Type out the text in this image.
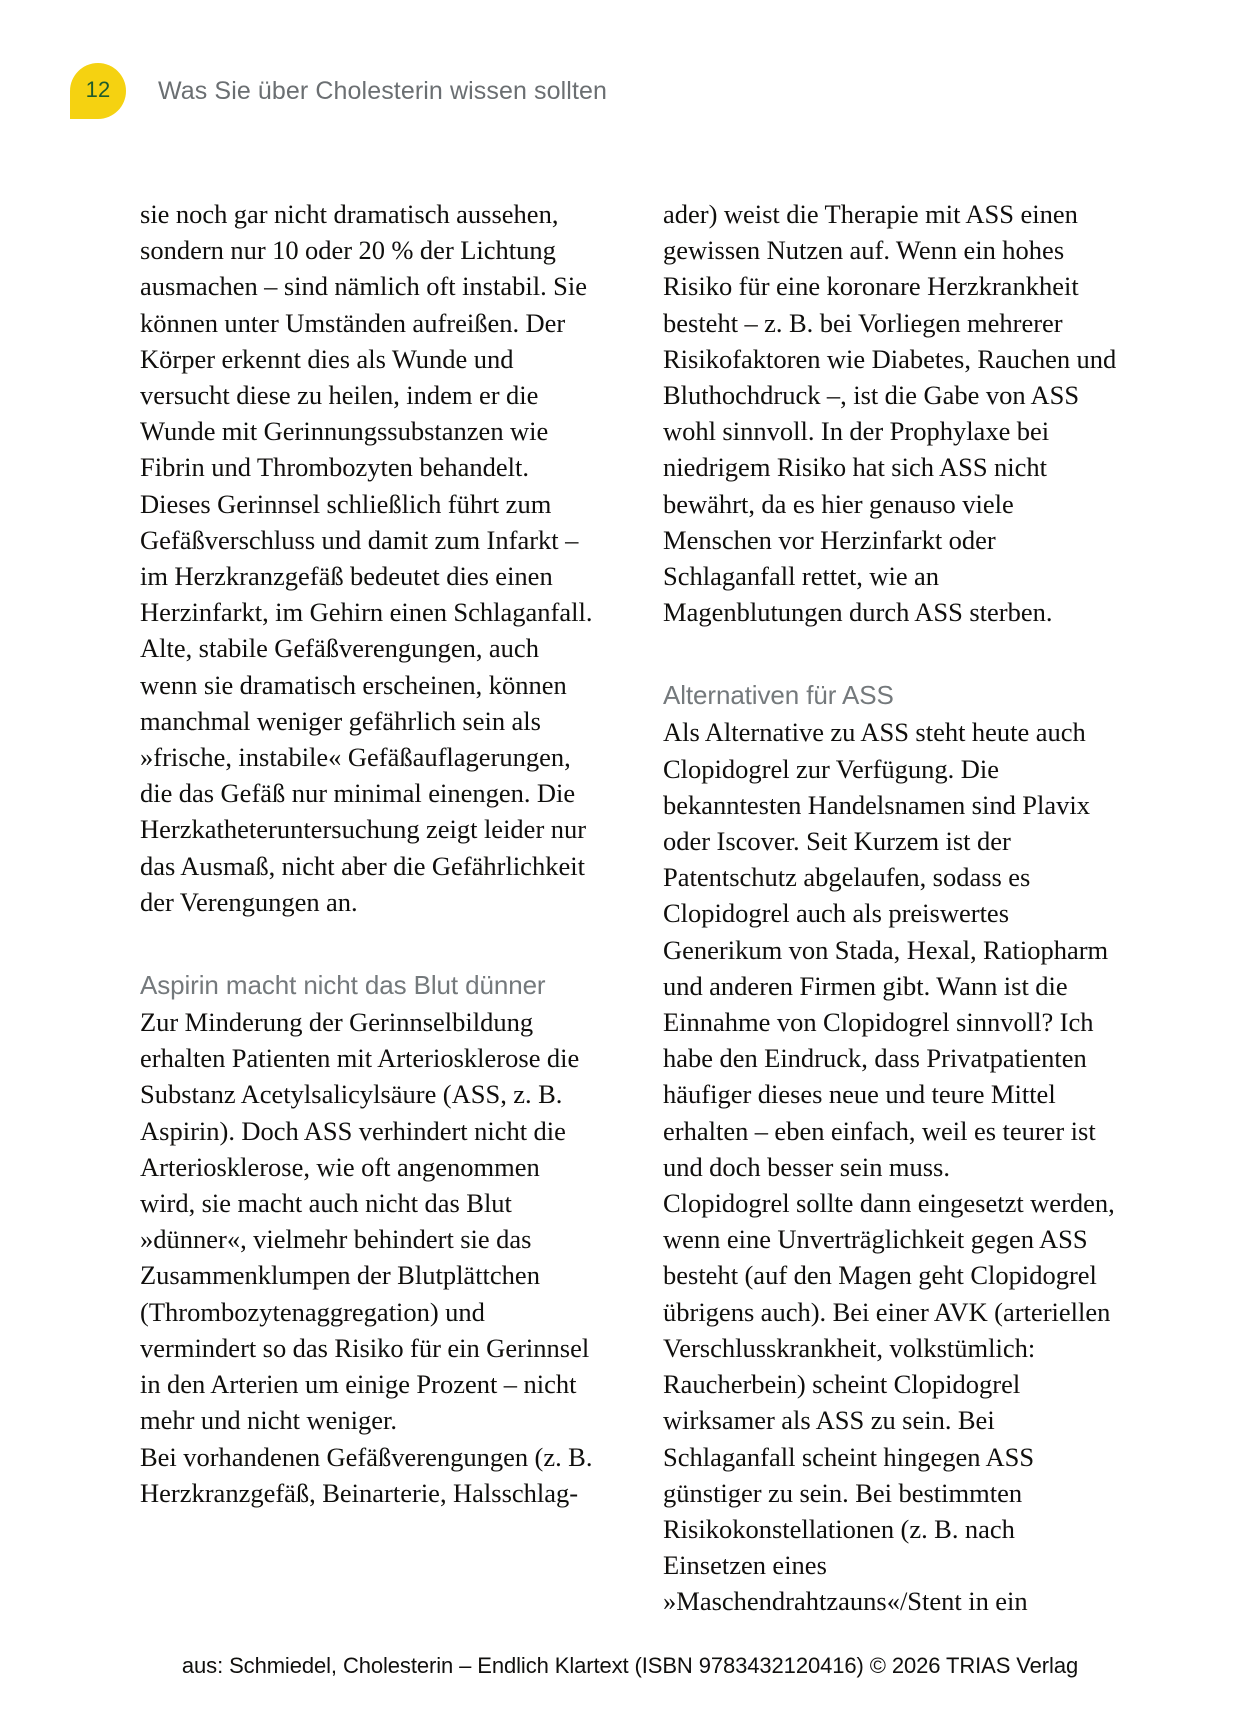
12 Was Sie über Cholesterin wissen sollten

sie noch gar nicht dramatisch aussehen, sondern nur 10 oder 20 % der Lichtung ausmachen – sind nämlich oft instabil. Sie können unter Umständen aufreißen. Der Körper erkennt dies als Wunde und versucht diese zu heilen, indem er die Wunde mit Gerinnungssubstanzen wie Fibrin und Thrombozyten behandelt. Dieses Gerinnsel schließlich führt zum Gefäßverschluss und damit zum Infarkt – im Herzkranzgefäß bedeutet dies einen Herzinfarkt, im Gehirn einen Schlaganfall. Alte, stabile Gefäßverengungen, auch wenn sie dramatisch erscheinen, können manchmal weniger gefährlich sein als »frische, instabile« Gefäßauflagerungen, die das Gefäß nur minimal einengen. Die Herzkatheteruntersuchung zeigt leider nur das Ausmaß, nicht aber die Gefährlichkeit der Verengungen an.

Aspirin macht nicht das Blut dünner

Zur Minderung der Gerinnselbildung erhalten Patienten mit Arteriosklerose die Substanz Acetylsalicylsäure (ASS, z. B. Aspirin). Doch ASS verhindert nicht die Arteriosklerose, wie oft angenommen wird, sie macht auch nicht das Blut »dünner«, vielmehr behindert sie das Zusammenklumpen der Blutplättchen (Thrombozytenaggregation) und vermindert so das Risiko für ein Gerinnsel in den Arterien um einige Prozent – nicht mehr und nicht weniger.

Bei vorhandenen Gefäßverengungen (z. B. Herzkranzgefäß, Beinarterie, Halsschlag-

ader) weist die Therapie mit ASS einen gewissen Nutzen auf. Wenn ein hohes Risiko für eine koronare Herzkrankheit besteht – z. B. bei Vorliegen mehrerer Risikofaktoren wie Diabetes, Rauchen und Bluthochdruck –, ist die Gabe von ASS wohl sinnvoll. In der Prophylaxe bei niedrigem Risiko hat sich ASS nicht bewährt, da es hier genauso viele Menschen vor Herzinfarkt oder Schlaganfall rettet, wie an Magenblutungen durch ASS sterben.

Alternativen für ASS

Als Alternative zu ASS steht heute auch Clopidogrel zur Verfügung. Die bekanntesten Handelsnamen sind Plavix oder Iscover. Seit Kurzem ist der Patentschutz abgelaufen, sodass es Clopidogrel auch als preiswertes Generikum von Stada, Hexal, Ratiopharm und anderen Firmen gibt. Wann ist die Einnahme von Clopidogrel sinnvoll? Ich habe den Eindruck, dass Privatpatienten häufiger dieses neue und teure Mittel erhalten – eben einfach, weil es teurer ist und doch besser sein muss.

Clopidogrel sollte dann eingesetzt werden, wenn eine Unverträglichkeit gegen ASS besteht (auf den Magen geht Clopidogrel übrigens auch). Bei einer AVK (arteriellen Verschlusskrankheit, volkstümlich: Raucherbein) scheint Clopidogrel wirksamer als ASS zu sein. Bei Schlaganfall scheint hingegen ASS günstiger zu sein. Bei bestimmten Risikokonstellationen (z. B. nach Einsetzen eines »Maschendrahtzauns«/Stent in ein

aus: Schmiedel, Cholesterin – Endlich Klartext (ISBN 9783432120416) © 2026 TRIAS Verlag
